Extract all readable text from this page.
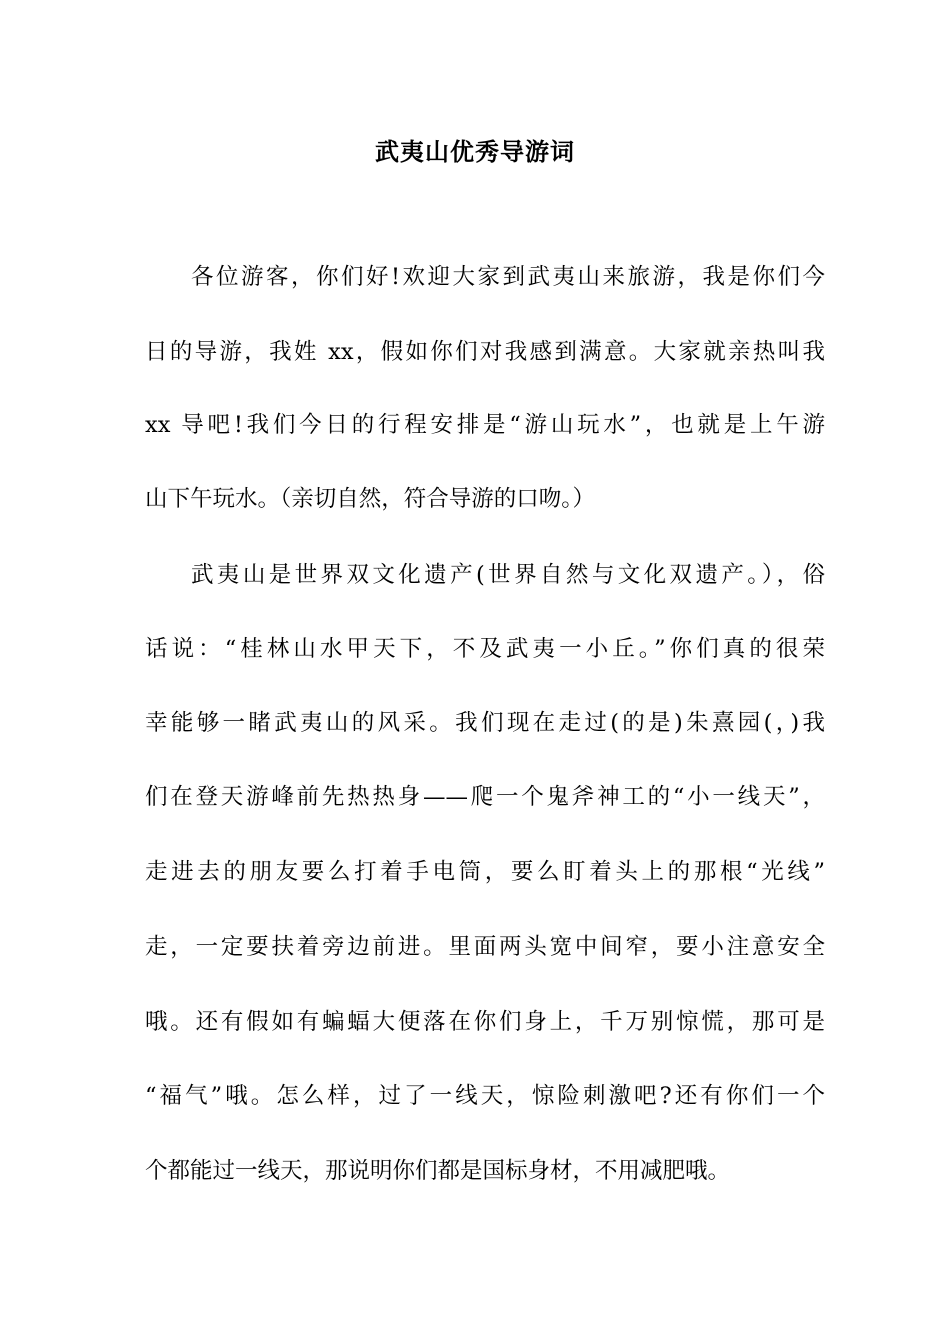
武夷山优秀导游词
各位游客，你们好!欢迎大家到武夷山来旅游，我是你们今
日的导游，我姓 xx，假如你们对我感到满意。大家就亲热叫我
xx 导吧!我们今日的行程安排是“游山玩水”，也就是上午游
山下午玩水。（亲切自然，符合导游的口吻。）
武夷山是世界双文化遗产(世界自然与文化双遗产。），俗
话说：“桂林山水甲天下，不及武夷一小丘。”你们真的很荣
幸能够一睹武夷山的风采。我们现在走过(的是)朱熹园(，)我
们在登天游峰前先热热身——爬一个鬼斧神工的“小一线天”，
走进去的朋友要么打着手电筒，要么盯着头上的那根“光线”
走，一定要扶着旁边前进。里面两头宽中间窄，要小注意安全
哦。还有假如有蝙蝠大便落在你们身上，千万别惊慌，那可是
“福气”哦。怎么样，过了一线天，惊险刺激吧?还有你们一个
个都能过一线天，那说明你们都是国标身材，不用减肥哦。
